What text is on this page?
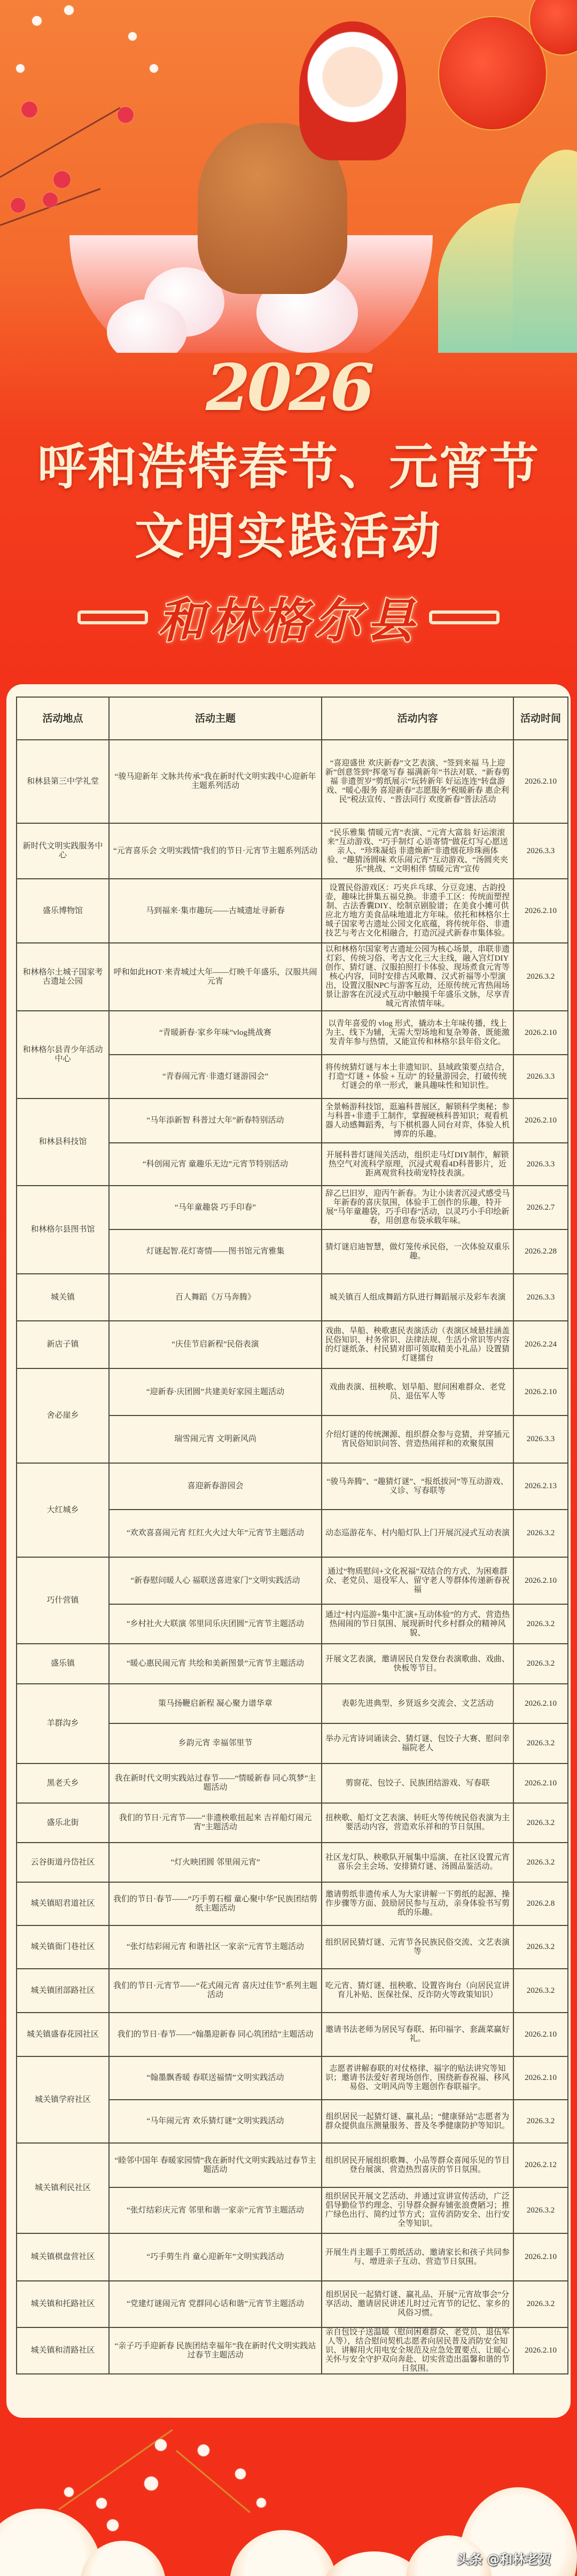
2026
呼和浩特春节、元宵节
文明实践活动
和林格尔县
活动地点	活动主题	活动内容	活动时间
和林县第三中学礼堂	“骏马迎新年 文脉共传承”我在新时代文明实践中心迎新年主题系列活动	“喜迎盛世 欢庆新春”文艺表演、“签到来福 马上迎新”创意签到“挥毫写春 福满新年”书法对联、“新春剪福 非遗贺岁”剪纸展示“玩转新年 好运连连”转盘游戏、“暖心服务 喜迎新春”志愿服务“税暖新春 惠企利民”税法宣传、“普法同行 欢度新春”普法活动	2026.2.10
新时代文明实践服务中心	“元宵喜乐会 文明实践情”我们的节日·元宵节主题系列活动	“民乐雅集 情暖元宵”表演、“元宵大富翁 好运滚滚来”互动游戏、“巧手制灯 心语寄情”做花灯写心愿送亲人、“珍珠凝焰 非遗焕新”非遗烟花珍珠画体验、“趣猜汤圆味 欢乐闹元宵”互动游戏、“汤圆夹夹乐”挑战、“文明相伴 情暖元宵”宣传	2026.3.3
盛乐博物馆	马到福来·集市趣玩——古城遗址寻新春	设置民俗游戏区：巧夹乒乓球、分豆竞速、古韵投壶，趣味比拼集五福兑换。非遗手工区：传统面塑捏制、古法香囊DIY、绘制京剧脸谱；在美食小摊可供应北方地方美食品味地道北方年味。依托和林格尔土城子国家考古遗址公园文化底蕴，将传统年俗、非遗技艺与考古文化相融合，打造沉浸式新春市集体验。	2026.2.10
和林格尔土城子国家考古遗址公园	呼和如此HOT·来青城过大年——灯映千年盛乐，汉服共闹元宵	以和林格尔国家考古遗址公园为核心场景，串联非遗灯彩、传统习俗、考古文化三大主线，融入宫灯DIY创作、猜灯谜、汉服拍照打卡体验、现场煮食元宵等核心内容，同时安排古风歌舞、汉式祈福等小型演出，设置汉服NPC与游客互动，还原传统元宵热闹场景让游客在沉浸式互动中触摸千年盛乐文脉，尽享青城元宵浓情年味。	2026.3.2
和林格尔县青少年活动中心	“青暖新春·家乡年味”vlog挑战赛	以青年喜爱的 vlog 形式，撬动本土年味传播，线上为主、线下为辅，无需大型场地和复杂筹备，既能激发青年参与热情，又能宣传和林格尔县年俗文化。	2026.2.10
	“青春闹元宵·非遗灯谜游园会”	将传统猜灯谜与本土非遗知识、县域政策要点结合，打造“灯谜 + 体验 + 互动” 的轻量游园会，打破传统灯谜会的单一形式，兼具趣味性和知识性。	2026.3.3
和林县科技馆	“马年添新智 科普过大年”新春特别活动	全景畅游科技馆，逛遍科普展区，解锁科学奥秘；参与科普+非遗手工制作，掌握硬核科普知识；观看机器人动感舞蹈秀，与下棋机器人同台对弈，体验人机博弈的乐趣。	2026.2.10
	“科创闹元宵 童趣乐无边”元宵节特别活动	开展科普灯谜闯关活动，组织走马灯DIY制作，解锁热空气对流科学原理，沉浸式观看4D科普影片，近距离观赏科技萌宠特技表演。	2026.3.3
和林格尔县图书馆	“马年童趣袋 巧手印春”	辞乙巳旧岁，迎丙午新春。为让小读者沉浸式感受马年新春的喜庆氛围，体验手工创作的乐趣，特开展“马年童趣袋，巧手印春”活动，以灵巧小手印绘新春，用创意布袋承载年味。	2026.2.7
	灯谜起智.花灯寄情——图书馆元宵雅集	猜灯谜启迪智慧，做灯笼传承民俗，一次体验双重乐趣。	2026.2.28
城关镇	百人舞蹈《万马奔腾》	城关镇百人组成舞蹈方队进行舞蹈展示及彩车表演	2026.3.3
新店子镇	“庆佳节启新程”民俗表演	戏曲、旱船、秧歌惠民表演活动（表演区域悬挂涵盖民俗知识、村务常识、法律法规、生活小常识等内容的灯谜纸条、村民猜对即可领取精美小礼品）设置猜灯谜擂台	2026.2.24
舍必崖乡	“迎新春·庆团圆”共建美好家园主题活动	戏曲表演、扭秧歌、划旱船、慰问困难群众、老党员、退伍军人等	2026.2.10
	瑞雪闹元宵 文明新风尚	介绍灯谜的传统渊源、组织群众参与竞猜，并穿插元宵民俗知识问答、营造热闹祥和的欢聚氛围	2026.3.3
大红城乡	喜迎新春游园会	“骏马奔腾”、“趣猜灯谜”、“报纸拔河”等互动游戏、义诊、写春联等	2026.2.13
	“欢欢喜喜闹元宵 红红火火过大年”元宵节主题活动	动态巡游花车、村内船灯队上门开展沉浸式互动表演	2026.3.2
巧什营镇	“新春慰问暖人心 福联送喜进家门”文明实践活动	通过“物质慰问+文化祝福”双结合的方式、为困难群众、老党员、退役军人、留守老人等群体传递新春祝福	2026.2.10
	“乡村社火大联演 邻里同乐庆团圆”元宵节主题活动	通过“村内巡游+集中汇演+互动体验”的方式、营造热热闹闹的节日氛围、展现新时代乡村群众的精神风貌、	2026.3.2
盛乐镇	“暖心惠民闹元宵 共绘和美新图景”元宵节主题活动	开展文艺表演，邀请居民自发登台表演歌曲、戏曲、快板等节目。	2026.3.2
羊群沟乡	策马扬鞭启新程 凝心聚力谱华章	表彰先进典型、乡贤返乡交流会、文艺活动	2026.2.10
	乡韵元宵 幸福邻里节	举办元宵诗词诵读会、猜灯谜、包饺子大赛、慰问幸福院老人	2026.3.2
黑老夭乡	我在新时代文明实践站过春节——“情暖新春 同心筑梦”主题活动	剪窗花、包饺子、民族团结游戏、写春联	2026.2.10
盛乐北街	我们的节日·元宵节——“非遗秧歌扭起来 吉祥船灯闹元宵”主题活动	扭秧歌、船灯文艺表演、转旺火等传统民俗表演为主要活动内容，营造欢乐祥和的节日氛围。	2026.3.2
云谷街道丹岱社区	“灯火映团圆 邻里闹元宵”	社区龙灯队、秧歌队开展集中巡演、在社区设置元宵喜乐会主会场、安排猜灯谜、汤圆品鉴活动。	2026.3.2
城关镇昭君道社区	我们的节日·春节——“巧手剪石榴 童心聚中华”民族团结剪纸主题活动	邀请剪纸非遗传承人为大家讲解一下剪纸的起源、操作步骤等方面、鼓励居民参与互动，亲身体验书写剪纸的乐趣。	2026.2.8
城关镇衙门巷社区	“张灯结彩闹元宵 和谐社区一家亲”元宵节主题活动	组织居民猜灯谜、元宵节各民族民俗交流、文艺表演等	2026.3.2
城关镇团部路社区	我们的节日·元宵节——“花式闹元宵 喜庆过佳节”系列主题活动	吃元宵、猜灯谜、扭秧歌、设置咨询台（向居民宣讲育儿补贴、医保社保、反诈防火等政策知识）	2026.3.2
城关镇盛春花园社区	我们的节日·春节——“翰墨迎新春 同心筑团结”主题活动	邀请书法老师为居民写春联、拓印福字、套蔬菜赢好礼。	2026.2.10
城关镇学府社区	“翰墨飘香暖 春联送福情”文明实践活动	志愿者讲解春联的对仗格律、福字的贴法讲究等知识；邀请书法爱好者现场创作，围绕新春祝福、移风易俗、文明风尚等主题创作春联福字。	2026.2.10
	“马年闹元宵 欢乐猜灯谜”文明实践活动	组织居民一起猜灯谜、赢礼品；“健康驿站”志愿者为群众提供血压测量服务、普及冬季健康防护等知识。	2026.3.2
城关镇利民社区	“睦邻中国年 春暖家园情”我在新时代文明实践站过春节主题活动	组织居民开展组织歌舞、小品等群众喜闻乐见的节目登台展演、营造热烈喜庆的节日氛围。	2026.2.12
	“张灯结彩庆元宵 邻里和谐一家亲”元宵节主题活动	组织居民开展文艺活动、并通过宣讲宣传活动，广泛倡导勤俭节约理念、引导群众摒弃铺张浪费陋习；推广绿色出行、简约过节方式；宣传消防安全、出行安全等知识。	2026.3.2
城关镇棋盘营社区	“巧手剪生肖 童心迎新年”文明实践活动	开展生肖主题手工剪纸活动、邀请家长和孩子共同参与、增进亲子互动、营造节日氛围。	2026.2.10
城关镇和托路社区	“党建灯谜闹元宵 党群同心话和谐”元宵节主题活动	组织居民一起猜灯谜、赢礼品、开展“元宵故事会”分享活动、邀请居民讲述儿时过元宵节的记忆、家乡的风俗习惯。	2026.3.2
城关镇和清路社区	“亲子巧手迎新春 民族团结幸福年”我在新时代文明实践站过春节主题活动	亲自包饺子送温暖（慰问困难群众、老党员、退伍军人等），结合慰问契机志愿者向居民普及消防安全知识、讲解用火用电安全规范及应急处置要点、让暖心关怀与安全守护双向奔赴、切实营造出温馨和谐的节日氛围。	2026.2.10
头条 @和林老贺
